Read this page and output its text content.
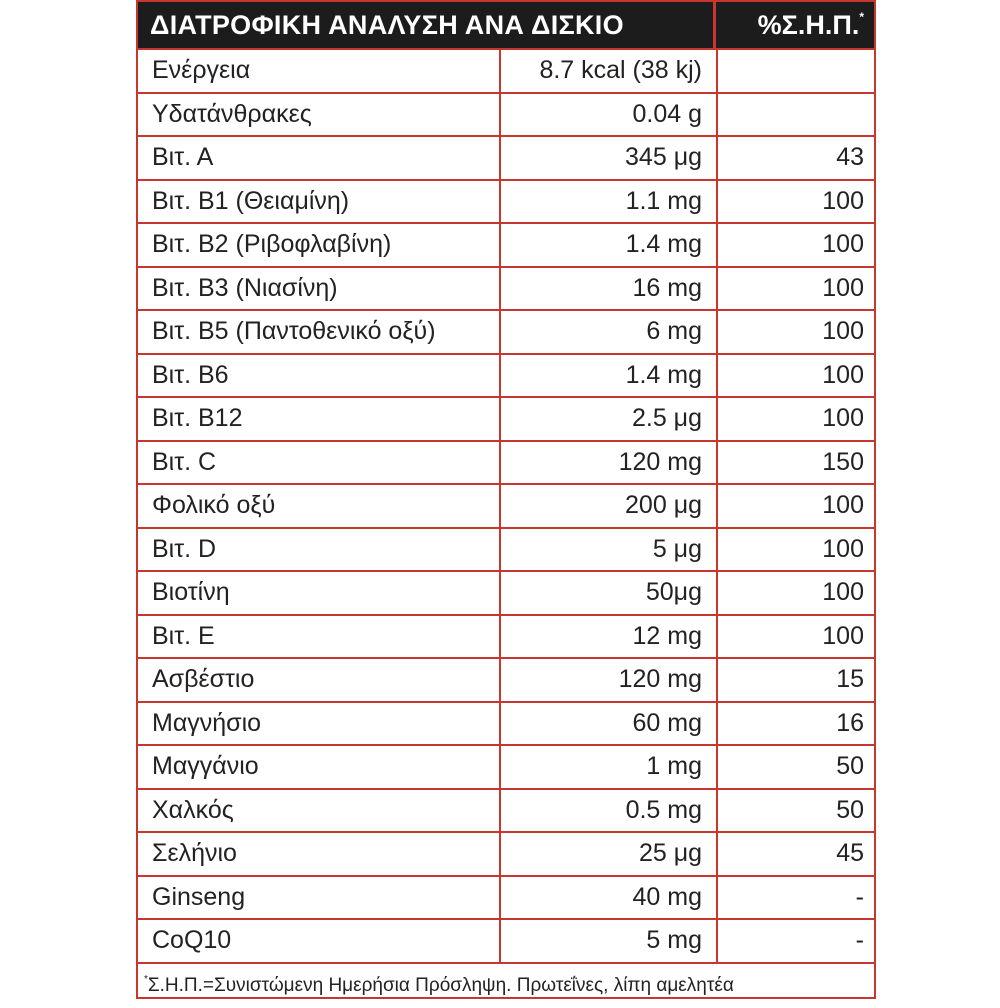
ΔΙΑΤΡΟΦΙΚΗ ΑΝΑΛΥΣΗ ΑΝΑ ΔΙΣΚΙΟ	%Σ.Η.Π.*
Ενέργεια	8.7 kcal (38 kj)
Υδατάνθρακες	0.04 g
Βιτ. Α	345 μg	43
Βιτ. Β1 (Θειαμίνη)	1.1 mg	100
Βιτ. Β2 (Ριβοφλαβίνη)	1.4 mg	100
Βιτ. Β3 (Νιασίνη)	16 mg	100
Βιτ. Β5 (Παντοθενικό οξύ)	6 mg	100
Βιτ. Β6	1.4 mg	100
Βιτ. Β12	2.5 μg	100
Βιτ. C	120 mg	150
Φολικό οξύ	200 μg	100
Βιτ. D	5 μg	100
Βιοτίνη	50μg	100
Βιτ. Ε	12 mg	100
Ασβέστιο	120 mg	15
Μαγνήσιο	60 mg	16
Μαγγάνιο	1 mg	50
Χαλκός	0.5 mg	50
Σελήνιο	25 μg	45
Ginseng	40 mg	-
CoQ10	5 mg	-
* Σ.Η.Π.=Συνιστώμενη Ημερήσια Πρόσληψη. Πρωτεΐνες, λίπη αμελητέα
